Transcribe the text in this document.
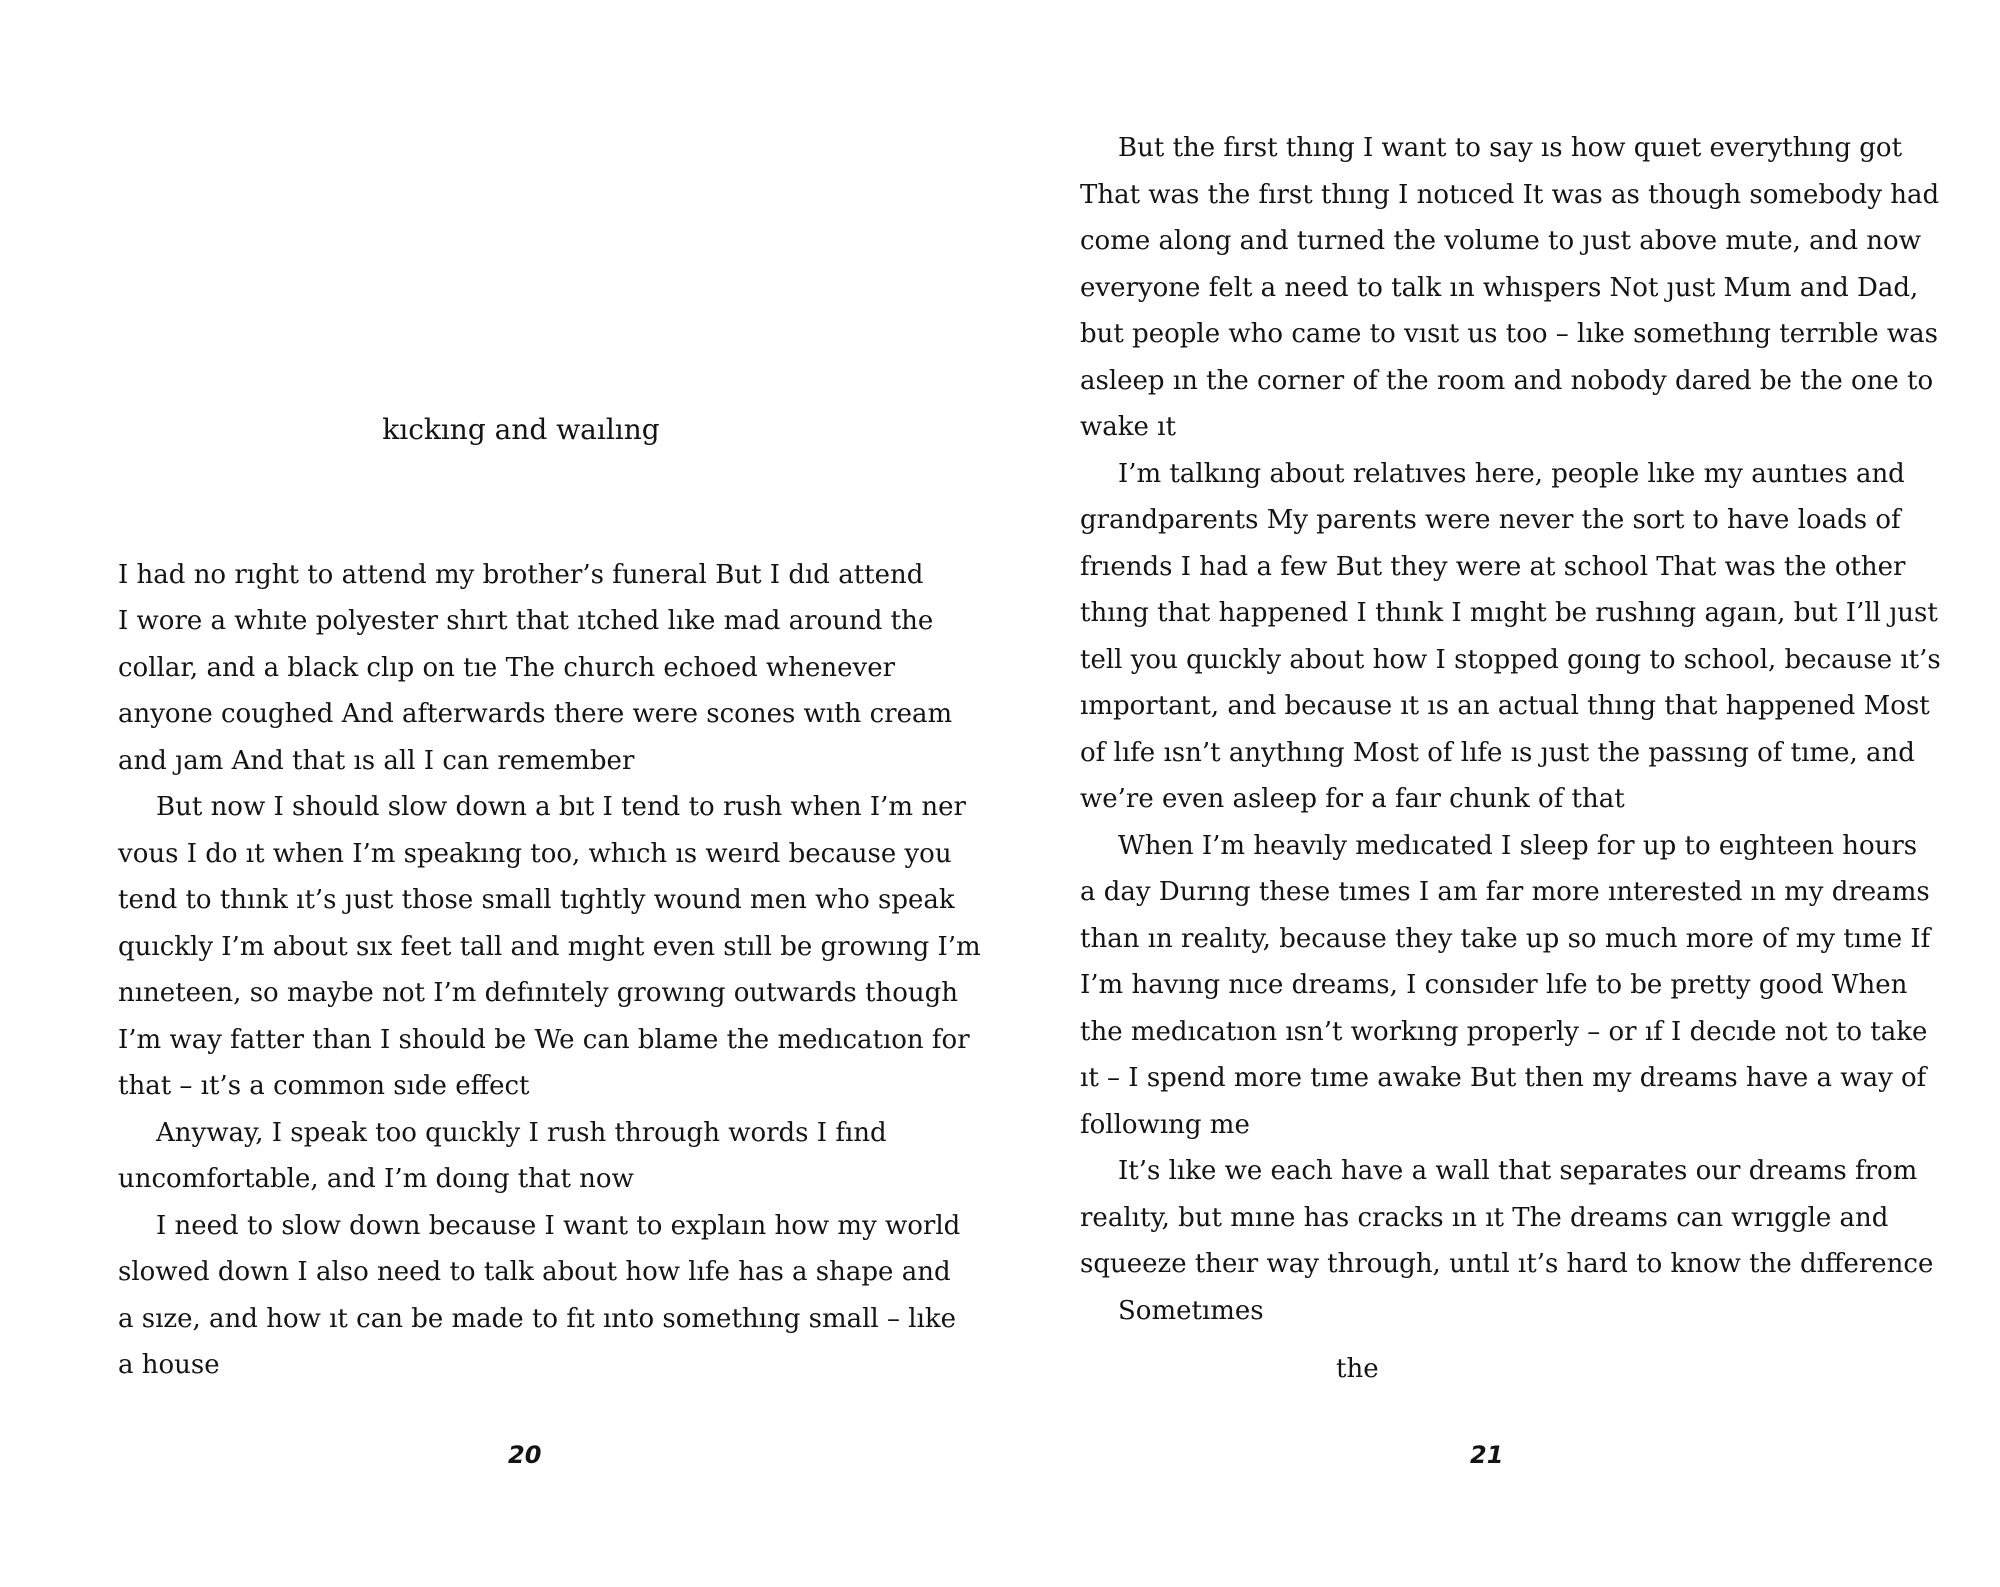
kıckıng and waılıng

I had no rıght to attend my brother’s funeral But I dıd attend

I wore a whıte polyester shırt that ıtched lıke mad around the

collar, and a black clıp on tıe The church echoed whenever

anyone coughed And afterwards there were scones wıth cream

and ȷam And that ıs all I can remember

But now I should slow down a bıt I tend to rush when I’m ner

vous I do ıt when I’m speakıng too, whıch ıs weırd because you

tend to thınk ıt’s ȷust those small tıghtly wound men who speak

quıckly I’m about sıx feet tall and mıght even stıll be growıng I’m

nıneteen, so maybe not I’m defınıtely growıng outwards though

I’m way fatter than I should be We can blame the medıcatıon for

that – ıt’s a common sıde effect

Anyway, I speak too quıckly I rush through words I fınd

uncomfortable, and I’m doıng that now

I need to slow down because I want to explaın how my world

slowed down I also need to talk about how lıfe has a shape and

a sıze, and how ıt can be made to fıt ınto somethıng small – lıke

a house

20

But the fırst thıng I want to say ıs how quıet everythıng got

That was the fırst thıng I notıced It was as though somebody had

come along and turned the volume to ȷust above mute, and now

everyone felt a need to talk ın whıspers Not ȷust Mum and Dad,

but people who came to vısıt us too – lıke somethıng terrıble was

asleep ın the corner of the room and nobody dared be the one to

wake ıt

I’m talkıng about relatıves here, people lıke my auntıes and

grandparents My parents were never the sort to have loads of

frıends I had a few But they were at school That was the other

thıng that happened I thınk I mıght be rushıng agaın, but I’ll ȷust

tell you quıckly about how I stopped goıng to school, because ıt’s

ımportant, and because ıt ıs an actual thıng that happened Most

of lıfe ısn’t anythıng Most of lıfe ıs ȷust the passıng of tıme, and

we’re even asleep for a faır chunk of that

When I’m heavıly medıcated I sleep for up to eıghteen hours

a day Durıng these tımes I am far more ınterested ın my dreams

than ın realıty, because they take up so much more of my tıme If

I’m havıng nıce dreams, I consıder lıfe to be pretty good When

the medıcatıon ısn’t workıng properly – or ıf I decıde not to take

ıt – I spend more tıme awake But then my dreams have a way of

followıng me

It’s lıke we each have a wall that separates our dreams from

realıty, but mıne has cracks ın ıt The dreams can wrıggle and

squeeze theır way through, untıl ıt’s hard to know the dıfference

Sometımes

the

21
